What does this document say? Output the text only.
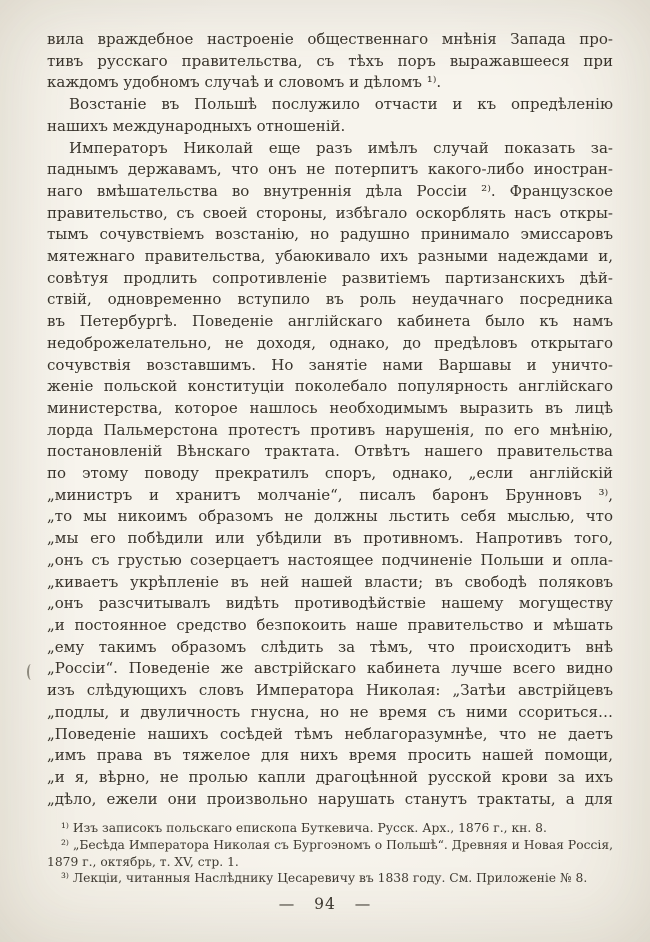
вила враждебное настроеніе общественнаго мнѣнія Запада про-
тивъ русскаго правительства, съ тѣхъ поръ выражавшееся при
каждомъ удобномъ случаѣ и словомъ и дѣломъ ¹⁾.
Возстаніе въ Польшѣ послужило отчасти и къ опредѣленію
нашихъ международныхъ отношеній.
Императоръ Николай еще разъ имѣлъ случай показать за-
паднымъ державамъ, что онъ не потерпитъ какого-либо иностран-
наго вмѣшательства во внутреннія дѣла Россіи ²⁾. Французское
правительство, съ своей стороны, избѣгало оскорблять насъ откры-
тымъ сочувствіемъ возстанію, но радушно принимало эмиссаровъ
мятежнаго правительства, убаюкивало ихъ разными надеждами и,
совѣтуя продлить сопротивленіе развитіемъ партизанскихъ дѣй-
ствій, одновременно вступило въ роль неудачнаго посредника
въ Петербургѣ. Поведеніе англійскаго кабинета было къ намъ
недоброжелательно, не доходя, однако, до предѣловъ открытаго
сочувствія возставшимъ. Но занятіе нами Варшавы и уничто-
женіе польской конституціи поколебало популярность англійскаго
министерства, которое нашлось необходимымъ выразить въ лицѣ
лорда Пальмерстона протестъ противъ нарушенія, по его мнѣнію,
постановленій Вѣнскаго трактата. Отвѣтъ нашего правительства
по этому поводу прекратилъ споръ, однако, „если англійскій
„министръ и хранитъ молчаніе“, писалъ баронъ Брунновъ ³⁾,
„то мы никоимъ образомъ не должны льстить себя мыслью, что
„мы его побѣдили или убѣдили въ противномъ. Напротивъ того,
„онъ съ грустью созерцаетъ настоящее подчиненіе Польши и опла-
„киваетъ укрѣпленіе въ ней нашей власти; въ свободѣ поляковъ
„онъ разсчитывалъ видѣть противодѣйствіе нашему могуществу
„и постоянное средство безпокоить наше правительство и мѣшать
„ему такимъ образомъ слѣдить за тѣмъ, что происходитъ внѣ
„Россіи“. Поведеніе же австрійскаго кабинета лучше всего видно
изъ слѣдующихъ словъ Императора Николая: „Затѣи австрійцевъ
„подлы, и двуличность гнусна, но не время съ ними ссориться…
„Поведеніе нашихъ сосѣдей тѣмъ неблагоразумнѣе, что не даетъ
„имъ права въ тяжелое для нихъ время просить нашей помощи,
„и я, вѣрно, не пролью капли драгоцѣнной русской крови за ихъ
„дѣло, ежели они произвольно нарушать станутъ трактаты, а для
¹⁾ Изъ записокъ польскаго епископа Буткевича. Русск. Арх., 1876 г., кн. 8.
²⁾ „Бесѣда Императора Николая съ Бургоэномъ о Польшѣ“. Древняя и Новая Россія,
1879 г., октябрь, т. XV, стр. 1.
³⁾ Лекціи, читанныя Наслѣднику Цесаревичу въ 1838 году. См. Приложеніе № 8.
— 94 —
